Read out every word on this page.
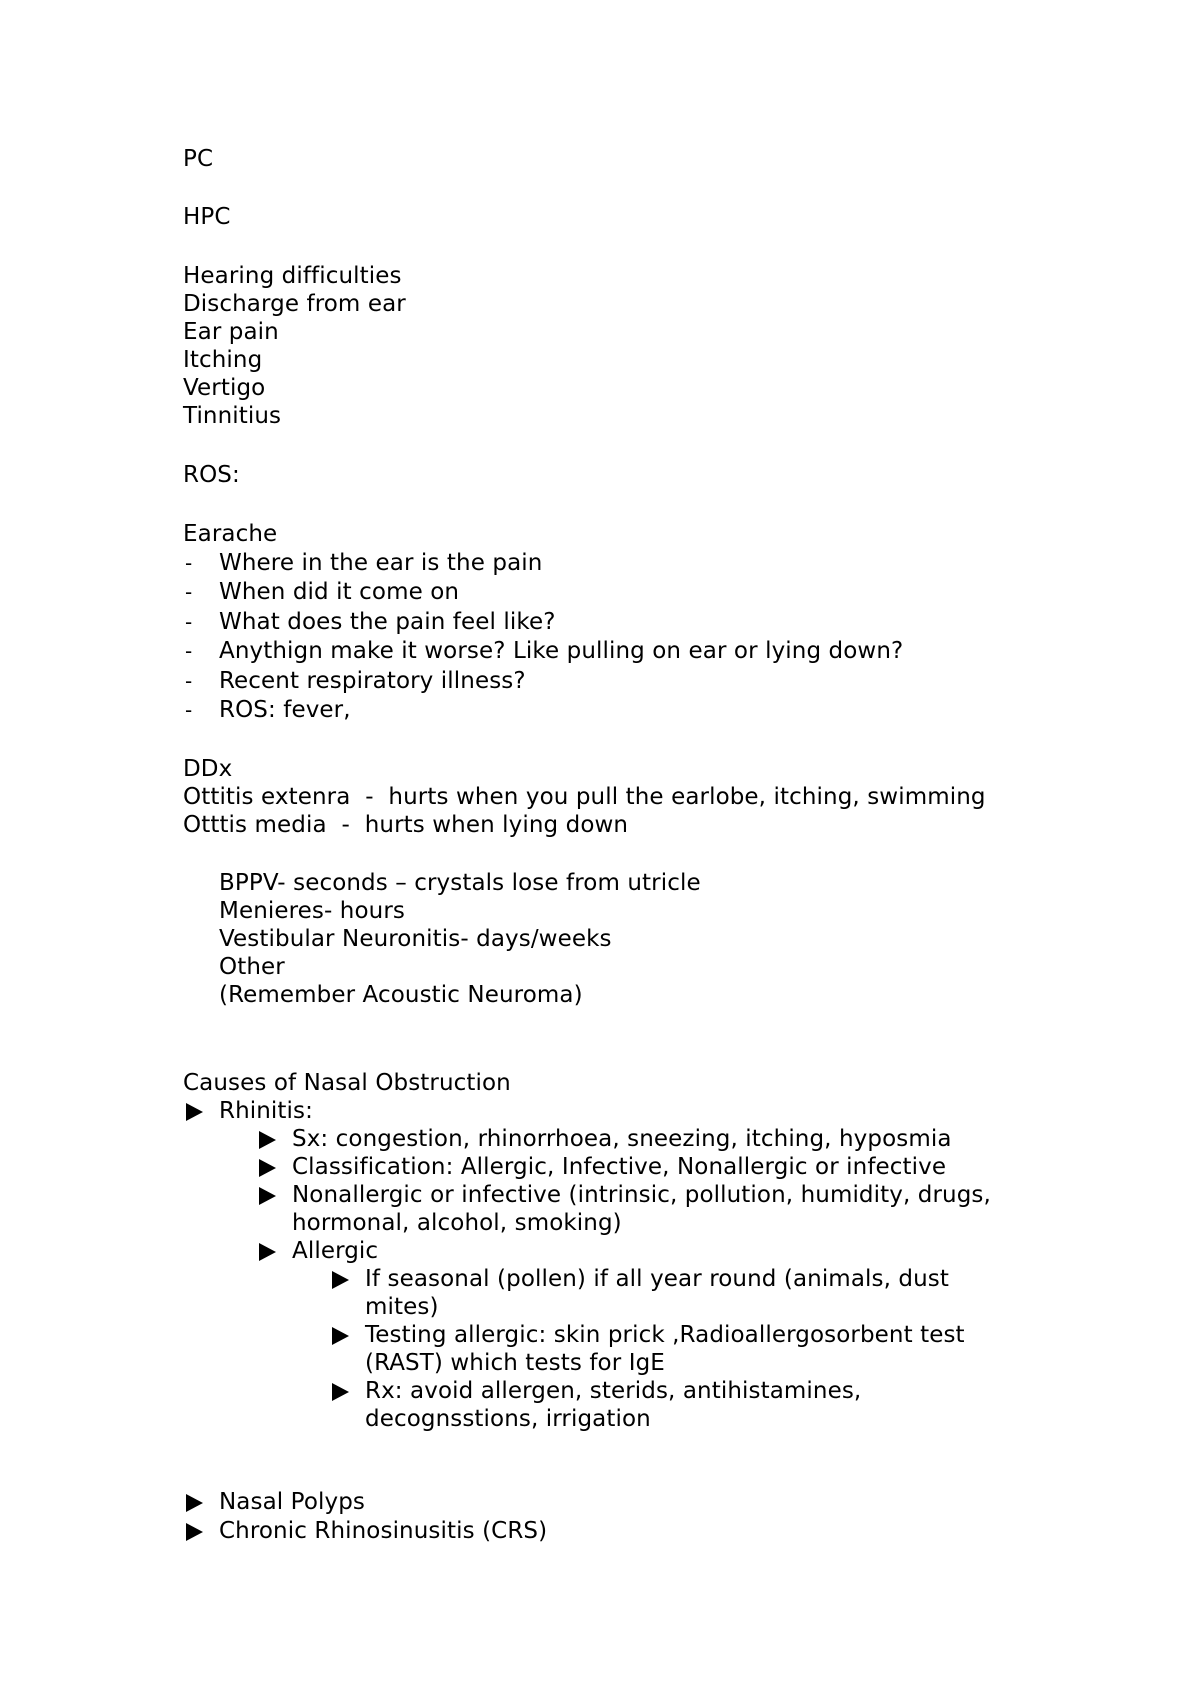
PC
HPC
Hearing difficulties
Discharge from ear
Ear pain
Itching
Vertigo
Tinnitius
ROS:
Earache
- Where in the ear is the pain
- When did it come on
- What does the pain feel like?
- Anythign make it worse? Like pulling on ear or lying down?
- Recent respiratory illness?
- ROS: fever,
DDx
Ottitis extenra  -  hurts when you pull the earlobe, itching, swimming
Otttis media  -  hurts when lying down
BPPV- seconds – crystals lose from utricle
Menieres- hours
Vestibular Neuronitis- days/weeks
Other
(Remember Acoustic Neuroma)
Causes of Nasal Obstruction
Rhinitis:
Sx: congestion, rhinorrhoea, sneezing, itching, hyposmia
Classification: Allergic, Infective, Nonallergic or infective
Nonallergic or infective (intrinsic, pollution, humidity, drugs,
hormonal, alcohol, smoking)
Allergic
If seasonal (pollen) if all year round (animals, dust
mites)
Testing allergic: skin prick ,Radioallergosorbent test
(RAST) which tests for IgE
Rx: avoid allergen, sterids, antihistamines,
decognsstions, irrigation
Nasal Polyps
Chronic Rhinosinusitis (CRS)
